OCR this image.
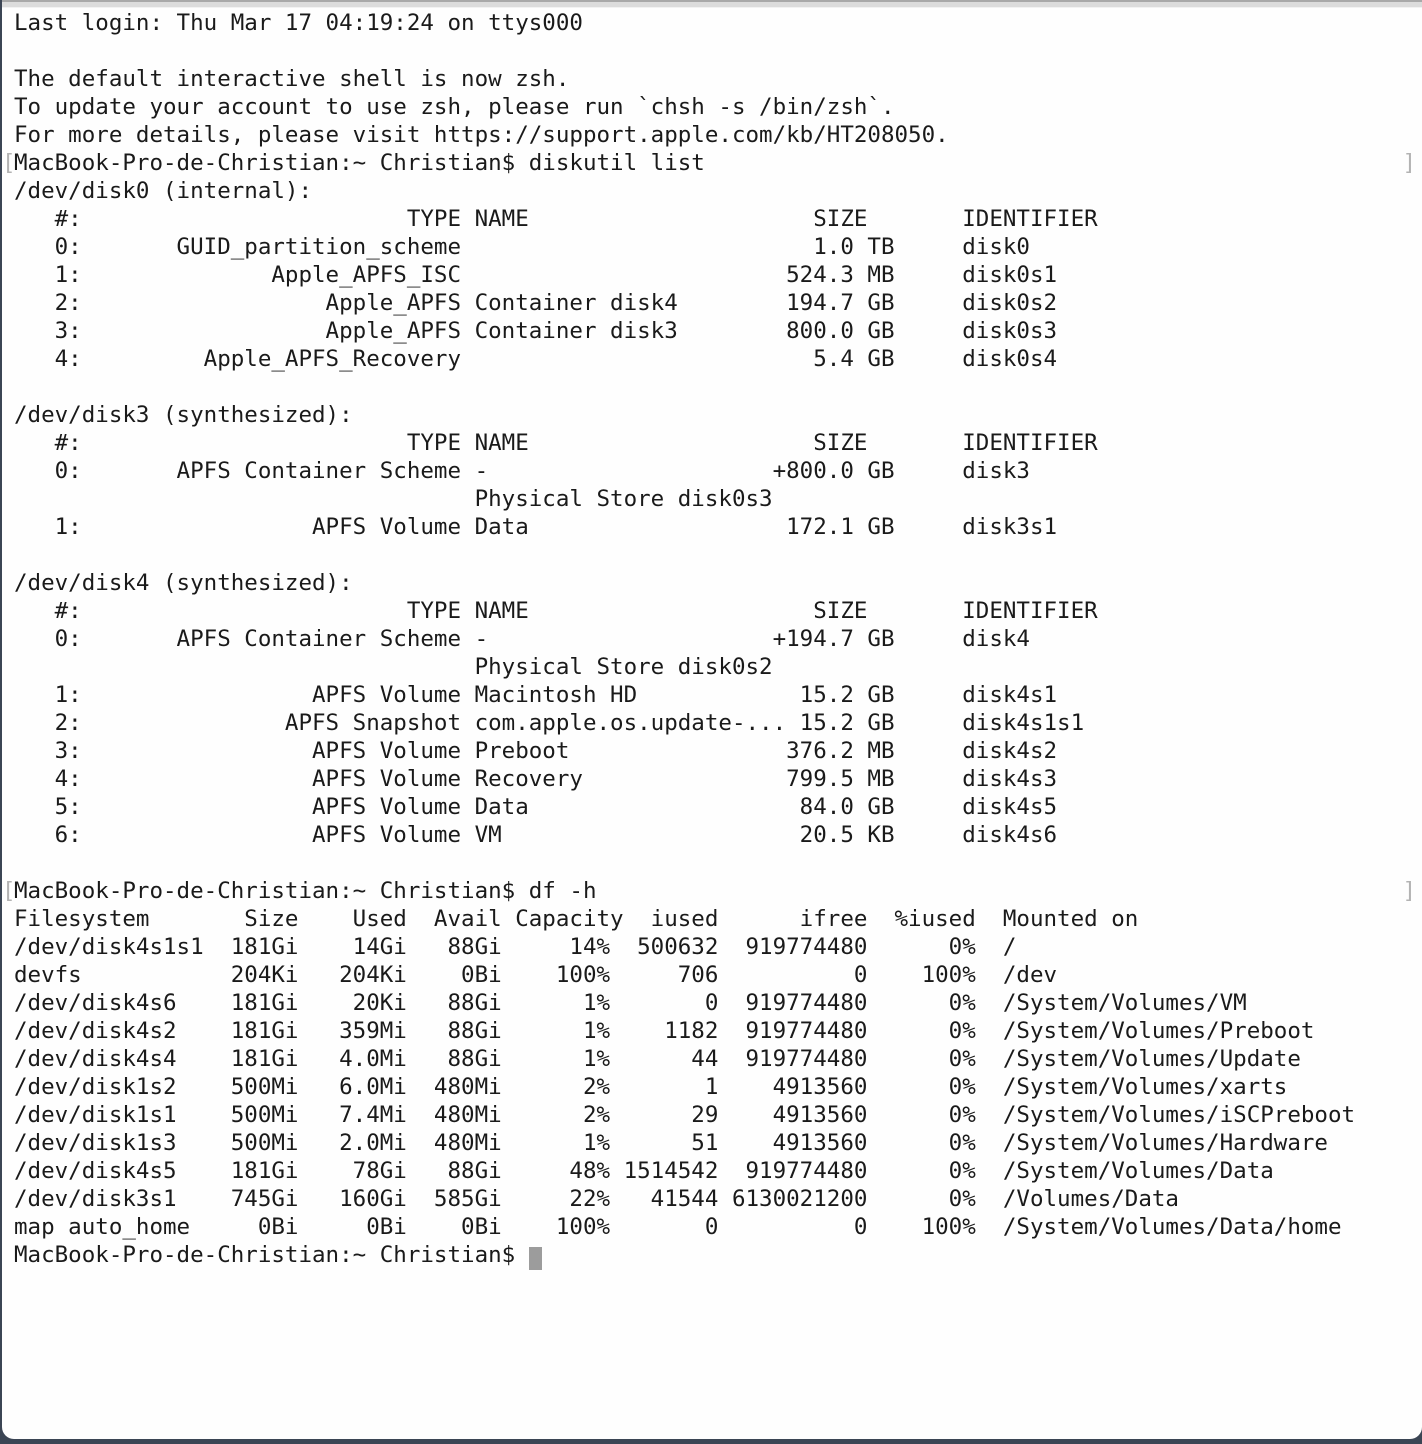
Last login: Thu Mar 17 04:19:24 on ttys000
The default interactive shell is now zsh.
To update your account to use zsh, please run `chsh -s /bin/zsh`.
For more details, please visit https://support.apple.com/kb/HT208050.
MacBook-Pro-de-Christian:~ Christian$ diskutil list
[	]
/dev/disk0 (internal):
#:                        TYPE NAME                     SIZE       IDENTIFIER
0:       GUID_partition_scheme                          1.0 TB     disk0
1:              Apple_APFS_ISC                        524.3 MB     disk0s1
2:                  Apple_APFS Container disk4        194.7 GB     disk0s2
3:                  Apple_APFS Container disk3        800.0 GB     disk0s3
4:         Apple_APFS_Recovery                          5.4 GB     disk0s4
/dev/disk3 (synthesized):
#:                        TYPE NAME                     SIZE       IDENTIFIER
0:       APFS Container Scheme -                     +800.0 GB     disk3
Physical Store disk0s3
1:                 APFS Volume Data                   172.1 GB     disk3s1
/dev/disk4 (synthesized):
#:                        TYPE NAME                     SIZE       IDENTIFIER
0:       APFS Container Scheme -                     +194.7 GB     disk4
Physical Store disk0s2
1:                 APFS Volume Macintosh HD            15.2 GB     disk4s1
2:               APFS Snapshot com.apple.os.update-... 15.2 GB     disk4s1s1
3:                 APFS Volume Preboot                376.2 MB     disk4s2
4:                 APFS Volume Recovery               799.5 MB     disk4s3
5:                 APFS Volume Data                    84.0 GB     disk4s5
6:                 APFS Volume VM                      20.5 KB     disk4s6
MacBook-Pro-de-Christian:~ Christian$ df -h
[	]
Filesystem       Size    Used  Avail Capacity  iused      ifree  %iused  Mounted on
/dev/disk4s1s1  181Gi    14Gi   88Gi     14%  500632  919774480      0%  /
devfs           204Ki   204Ki    0Bi    100%     706          0    100%  /dev
/dev/disk4s6    181Gi    20Ki   88Gi      1%       0  919774480      0%  /System/Volumes/VM
/dev/disk4s2    181Gi   359Mi   88Gi      1%    1182  919774480      0%  /System/Volumes/Preboot
/dev/disk4s4    181Gi   4.0Mi   88Gi      1%      44  919774480      0%  /System/Volumes/Update
/dev/disk1s2    500Mi   6.0Mi  480Mi      2%       1    4913560      0%  /System/Volumes/xarts
/dev/disk1s1    500Mi   7.4Mi  480Mi      2%      29    4913560      0%  /System/Volumes/iSCPreboot
/dev/disk1s3    500Mi   2.0Mi  480Mi      1%      51    4913560      0%  /System/Volumes/Hardware
/dev/disk4s5    181Gi    78Gi   88Gi     48% 1514542  919774480      0%  /System/Volumes/Data
/dev/disk3s1    745Gi   160Gi  585Gi     22%   41544 6130021200      0%  /Volumes/Data
map auto_home     0Bi     0Bi    0Bi    100%       0          0    100%  /System/Volumes/Data/home
MacBook-Pro-de-Christian:~ Christian$
